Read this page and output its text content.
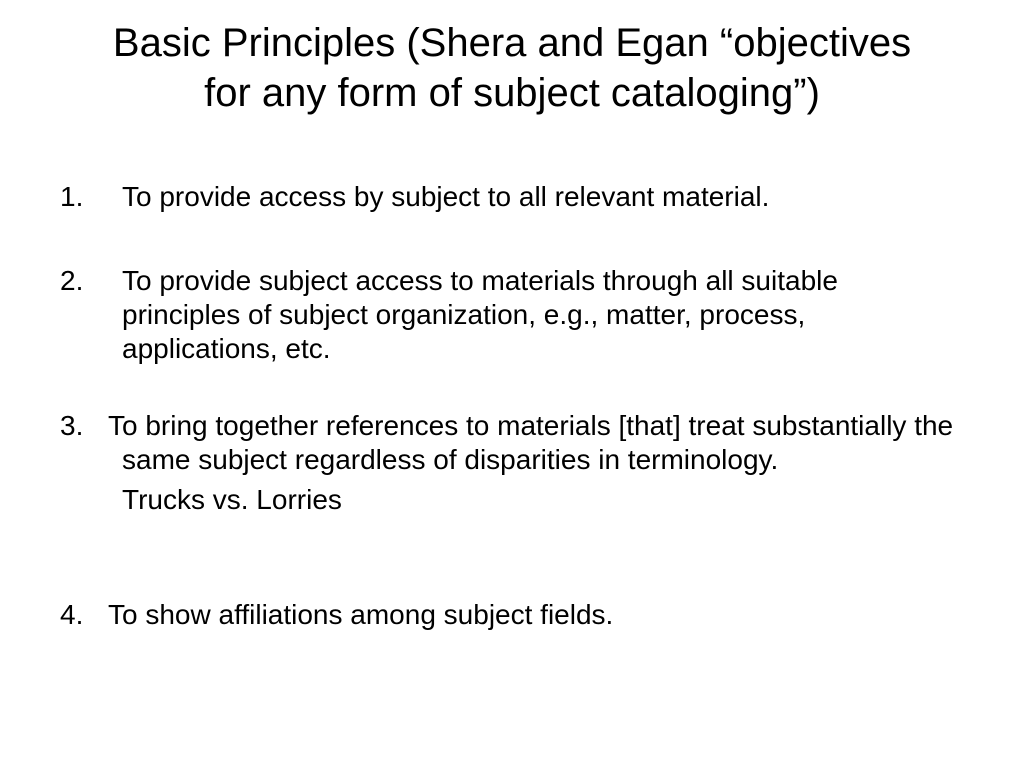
Basic Principles (Shera and Egan “objectives for any form of subject cataloging”)
1. To provide access by subject to all relevant material.
2. To provide subject access to materials through all suitable principles of subject organization, e.g., matter, process, applications, etc.
3. To bring together references to materials [that] treat substantially the same subject regardless of disparities in terminology.
Trucks vs. Lorries
4. To show affiliations among subject fields.
